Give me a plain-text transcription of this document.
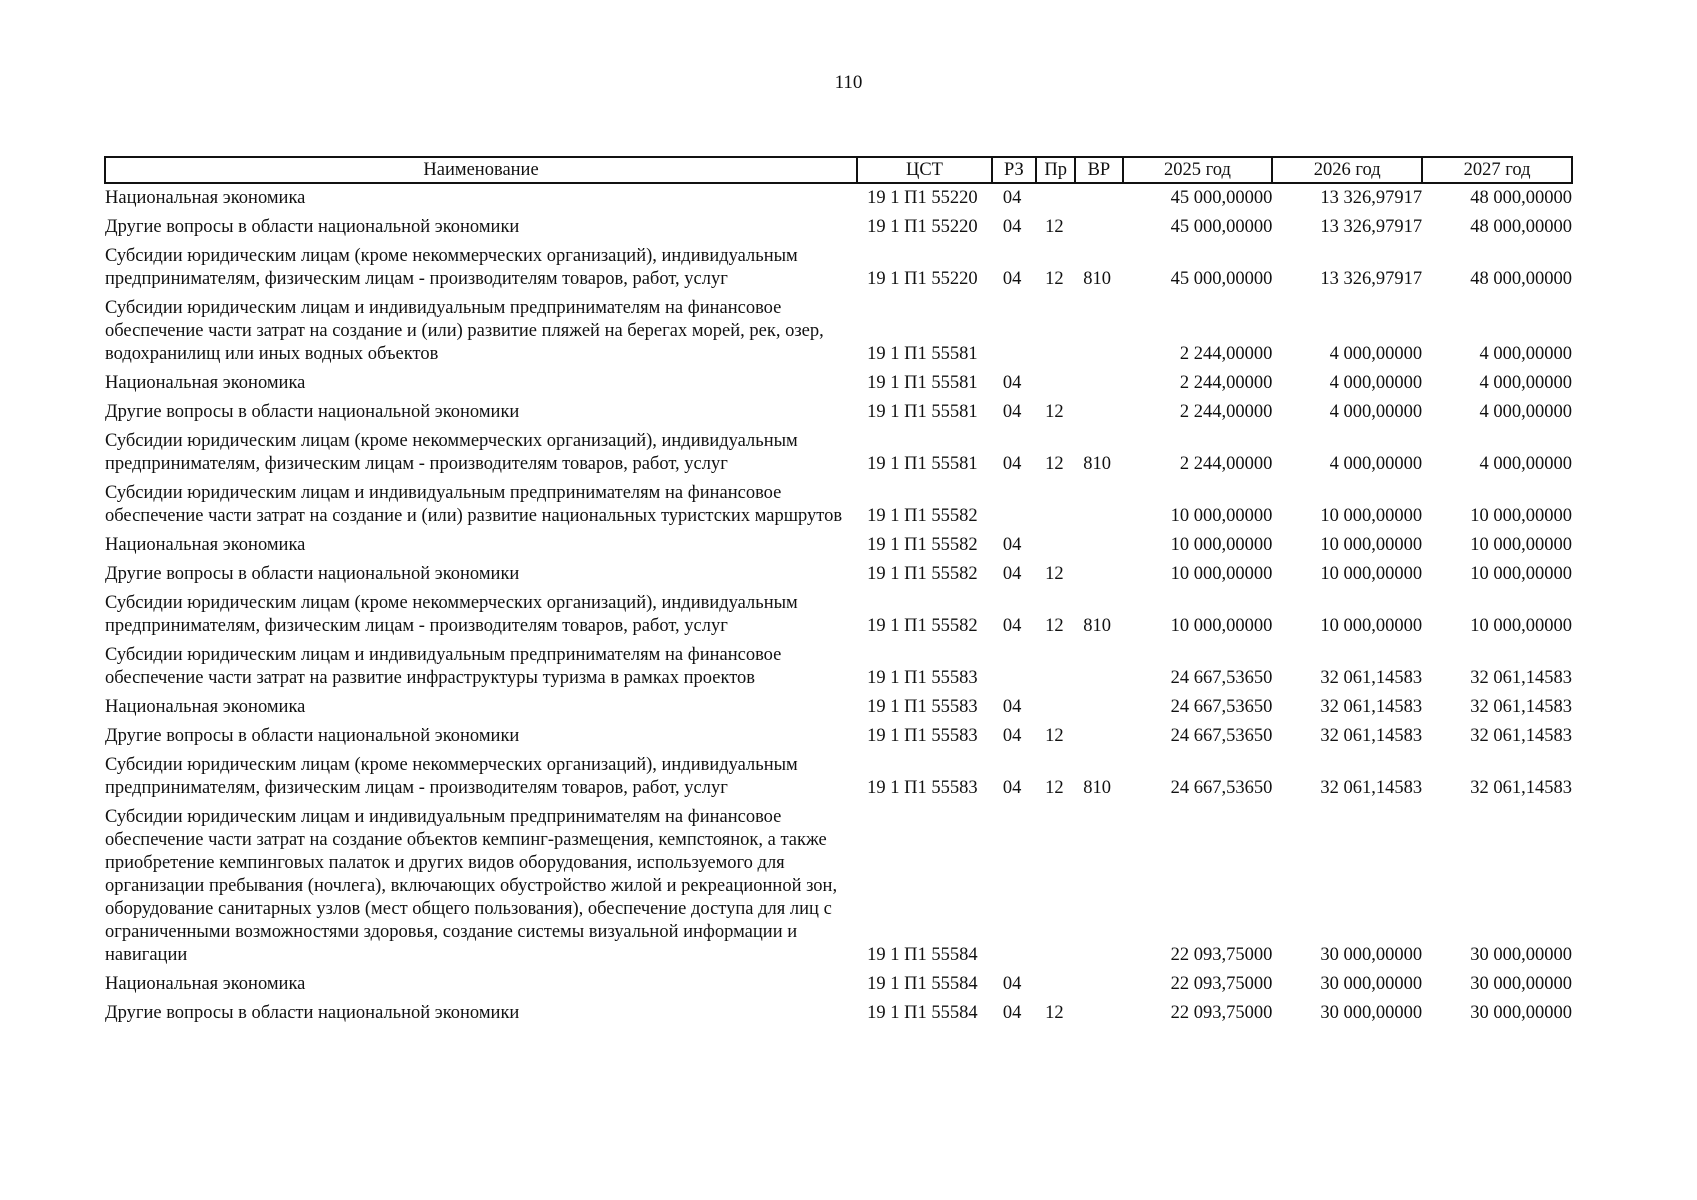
110
Наименование	ЦСТ	РЗ	Пр	ВР	2025 год	2026 год	2027 год
Национальная экономика	19 1 П1 55220	04			45 000,00000	13 326,97917	48 000,00000
Другие вопросы в области национальной экономики	19 1 П1 55220	04	12		45 000,00000	13 326,97917	48 000,00000
Субсидии юридическим лицам (кроме некоммерческих организаций), индивидуальным предпринимателям, физическим лицам - производителям товаров, работ, услуг	19 1 П1 55220	04	12	810	45 000,00000	13 326,97917	48 000,00000
Субсидии юридическим лицам и индивидуальным предпринимателям на финансовое обеспечение части затрат на создание и (или) развитие пляжей на берегах морей, рек, озер, водохранилищ или иных водных объектов	19 1 П1 55581				2 244,00000	4 000,00000	4 000,00000
Национальная экономика	19 1 П1 55581	04			2 244,00000	4 000,00000	4 000,00000
Другие вопросы в области национальной экономики	19 1 П1 55581	04	12		2 244,00000	4 000,00000	4 000,00000
Субсидии юридическим лицам (кроме некоммерческих организаций), индивидуальным предпринимателям, физическим лицам - производителям товаров, работ, услуг	19 1 П1 55581	04	12	810	2 244,00000	4 000,00000	4 000,00000
Субсидии юридическим лицам и индивидуальным предпринимателям на финансовое обеспечение части затрат на создание и (или) развитие национальных туристских маршрутов	19 1 П1 55582				10 000,00000	10 000,00000	10 000,00000
Национальная экономика	19 1 П1 55582	04			10 000,00000	10 000,00000	10 000,00000
Другие вопросы в области национальной экономики	19 1 П1 55582	04	12		10 000,00000	10 000,00000	10 000,00000
Субсидии юридическим лицам (кроме некоммерческих организаций), индивидуальным предпринимателям, физическим лицам - производителям товаров, работ, услуг	19 1 П1 55582	04	12	810	10 000,00000	10 000,00000	10 000,00000
Субсидии юридическим лицам и индивидуальным предпринимателям на финансовое обеспечение части затрат на развитие инфраструктуры туризма в рамках проектов	19 1 П1 55583				24 667,53650	32 061,14583	32 061,14583
Национальная экономика	19 1 П1 55583	04			24 667,53650	32 061,14583	32 061,14583
Другие вопросы в области национальной экономики	19 1 П1 55583	04	12		24 667,53650	32 061,14583	32 061,14583
Субсидии юридическим лицам (кроме некоммерческих организаций), индивидуальным предпринимателям, физическим лицам - производителям товаров, работ, услуг	19 1 П1 55583	04	12	810	24 667,53650	32 061,14583	32 061,14583
Субсидии юридическим лицам и индивидуальным предпринимателям на финансовое обеспечение части затрат на создание объектов кемпинг-размещения, кемпстоянок, а также приобретение кемпинговых палаток и других видов оборудования, используемого для организации пребывания (ночлега), включающих обустройство жилой и рекреационной зон, оборудование санитарных узлов (мест общего пользования), обеспечение доступа для лиц с ограниченными возможностями здоровья, создание системы визуальной информации и навигации	19 1 П1 55584				22 093,75000	30 000,00000	30 000,00000
Национальная экономика	19 1 П1 55584	04			22 093,75000	30 000,00000	30 000,00000
Другие вопросы в области национальной экономики	19 1 П1 55584	04	12		22 093,75000	30 000,00000	30 000,00000
